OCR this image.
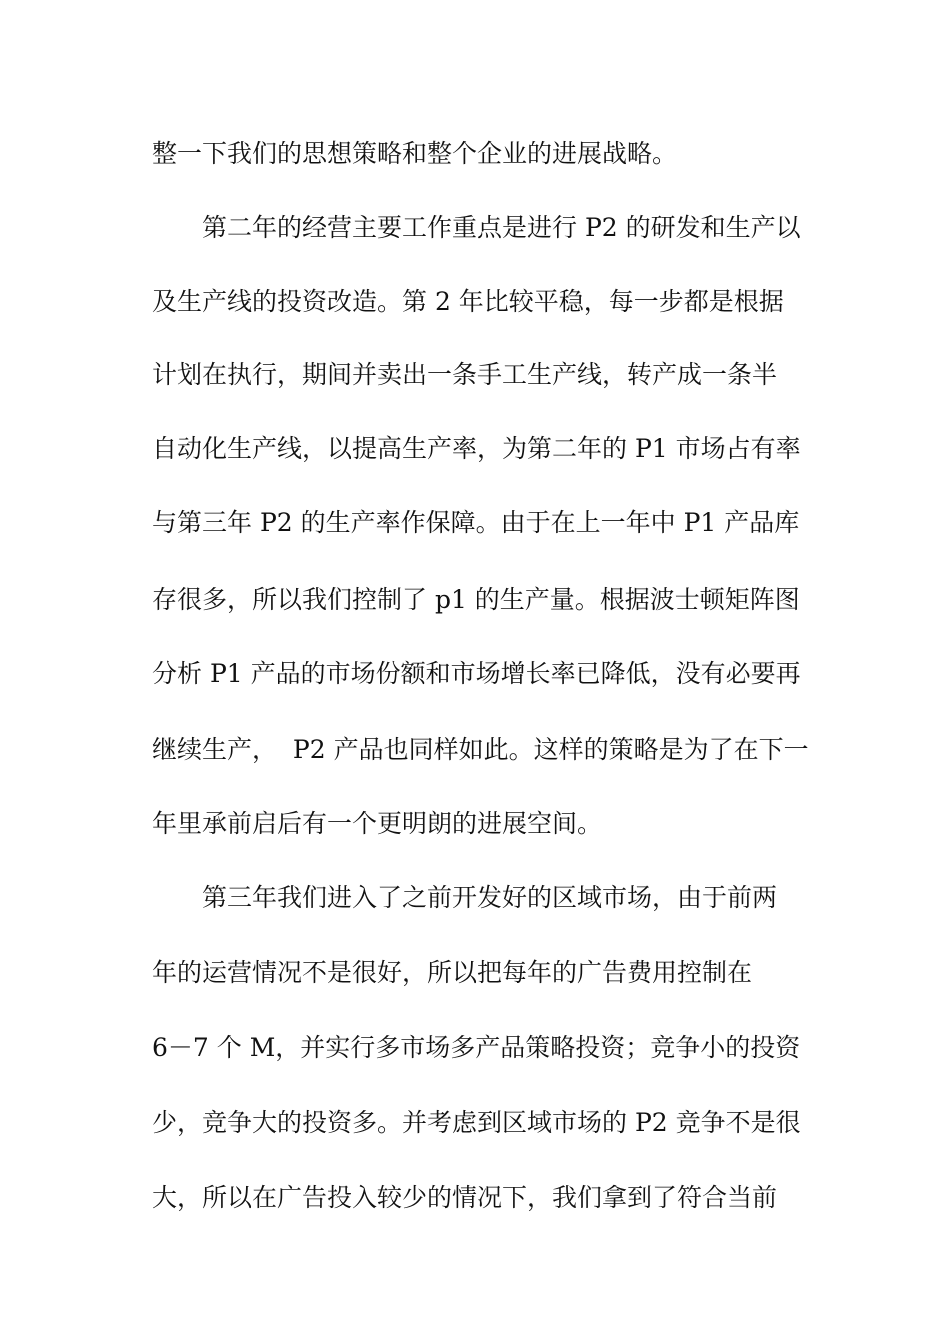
整一下我们的思想策略和整个企业的进展战略。
第二年的经营主要工作重点是进行 P2 的研发和生产以
及生产线的投资改造。第 2 年比较平稳，每一步都是根据
计划在执行，期间并卖出一条手工生产线，转产成一条半
自动化生产线，以提高生产率，为第二年的 P1 市场占有率
与第三年 P2 的生产率作保障。由于在上一年中 P1 产品库
存很多，所以我们控制了 p1 的生产量。根据波士顿矩阵图
分析 P1 产品的市场份额和市场增长率已降低，没有必要再
继续生产，  P2 产品也同样如此。这样的策略是为了在下一
年里承前启后有一个更明朗的进展空间。
第三年我们进入了之前开发好的区域市场，由于前两
年的运营情况不是很好，所以把每年的广告费用控制在
6－7 个 M，并实行多市场多产品策略投资；竞争小的投资
少，竞争大的投资多。并考虑到区域市场的 P2 竞争不是很
大，所以在广告投入较少的情况下，我们拿到了符合当前
